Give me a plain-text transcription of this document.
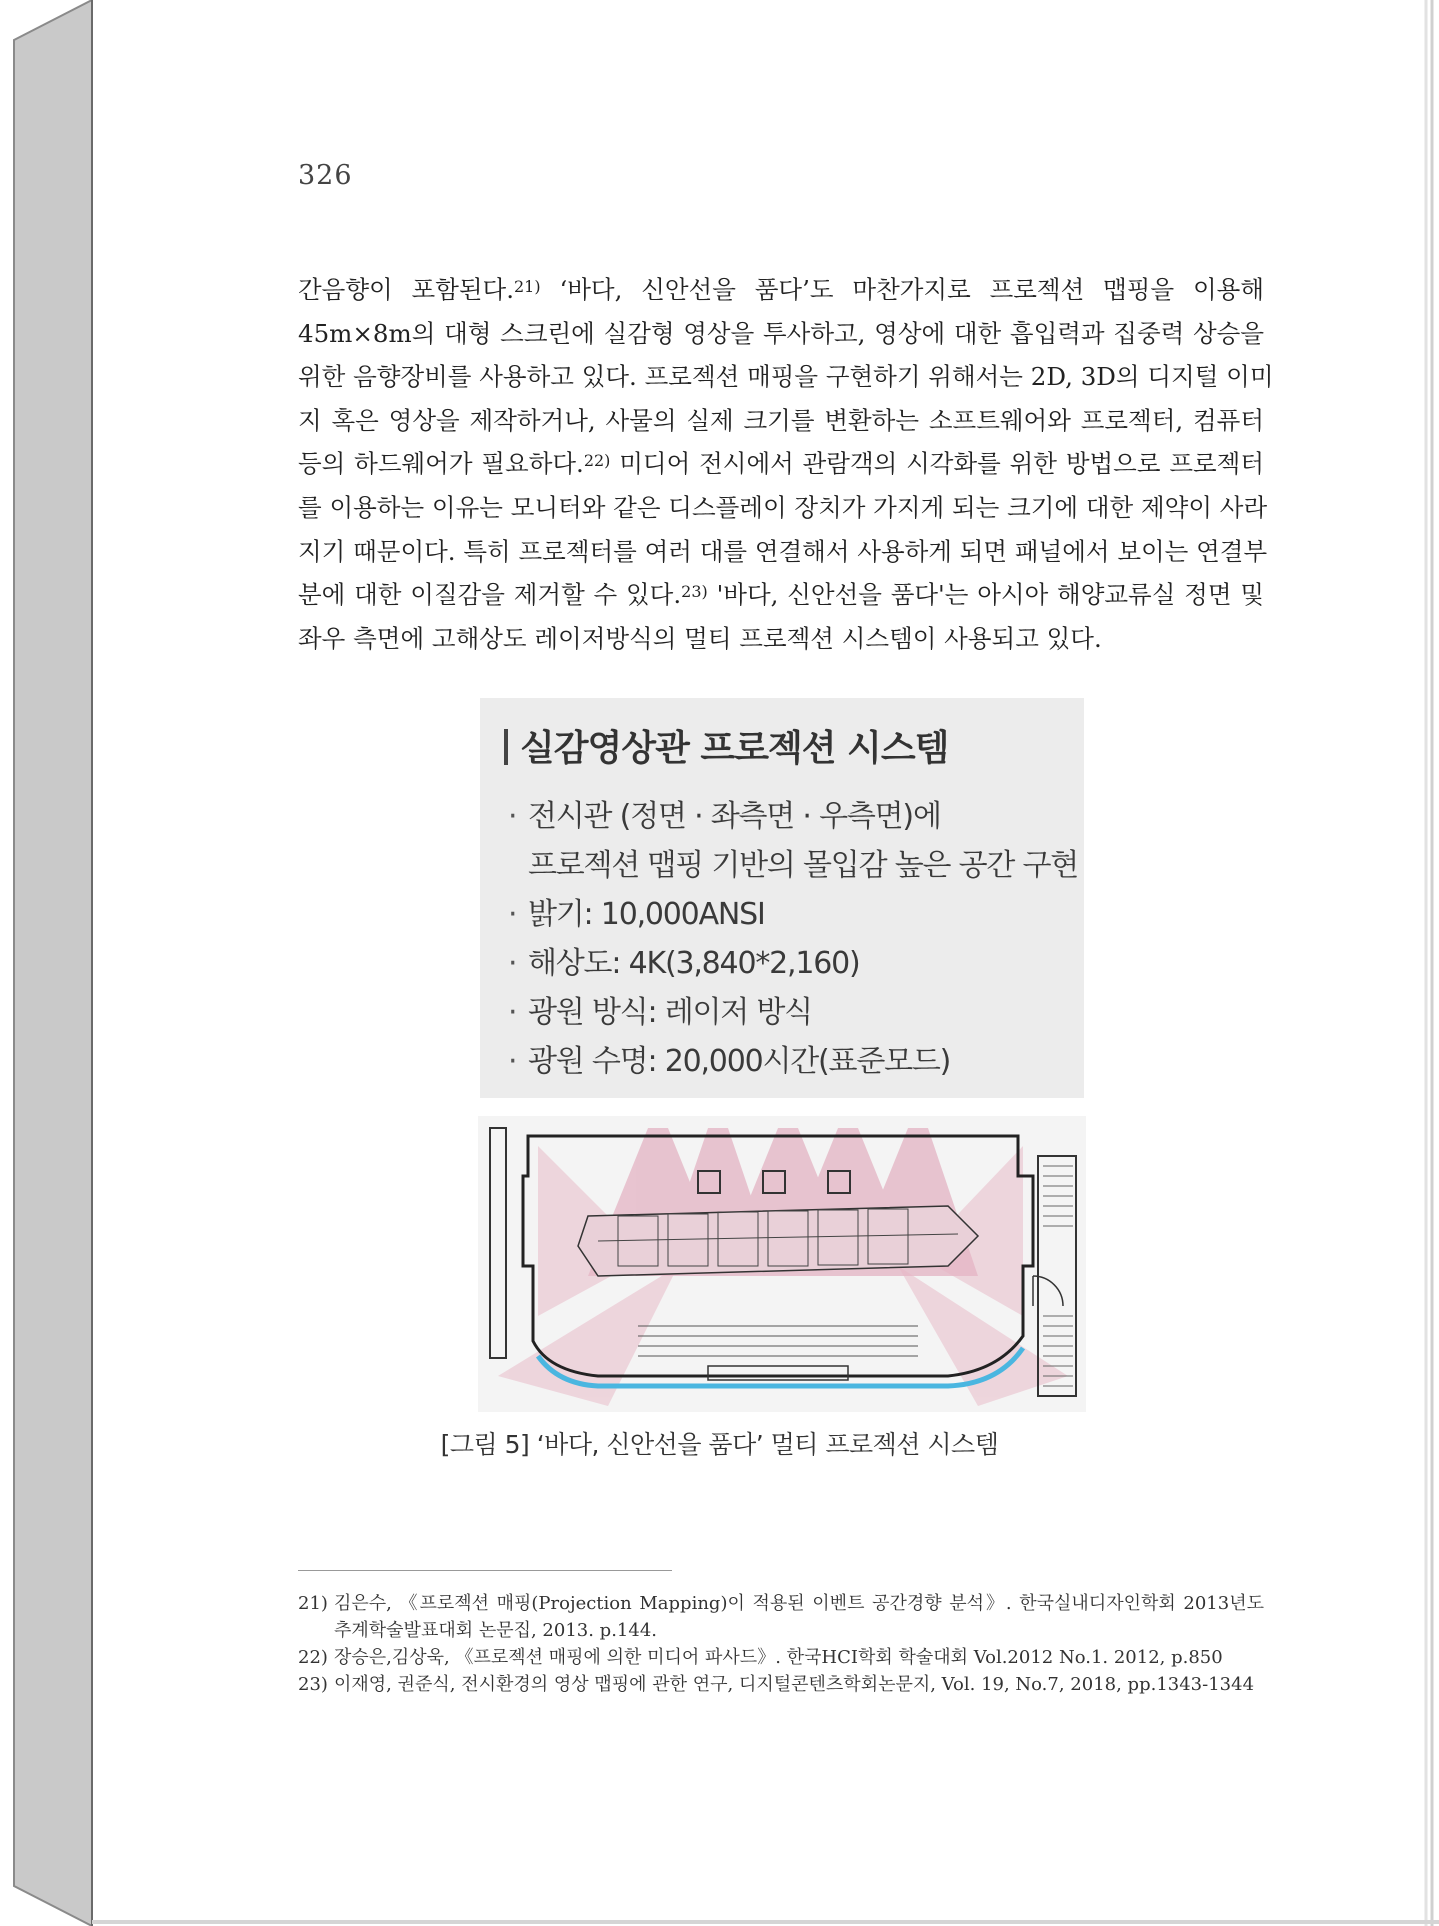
326
간음향이 포함된다.$^{21)}$ ‘바다, 신안선을 품다’도 마찬가지로 프로젝션 맵핑을 이용해
45m×8m의 대형 스크린에 실감형 영상을 투사하고, 영상에 대한 흡입력과 집중력 상승을
위한 음향장비를 사용하고 있다. 프로젝션 매핑을 구현하기 위해서는 2D, 3D의 디지털 이미
지 혹은 영상을 제작하거나, 사물의 실제 크기를 변환하는 소프트웨어와 프로젝터, 컴퓨터
등의 하드웨어가 필요하다.$^{22)}$ 미디어 전시에서 관람객의 시각화를 위한 방법으로 프로젝터
를 이용하는 이유는 모니터와 같은 디스플레이 장치가 가지게 되는 크기에 대한 제약이 사라
지기 때문이다. 특히 프로젝터를 여러 대를 연결해서 사용하게 되면 패널에서 보이는 연결부
분에 대한 이질감을 제거할 수 있다.$^{23)}$ '바다, 신안선을 품다'는 아시아 해양교류실 정면 및
좌우 측면에 고해상도 레이저방식의 멀티 프로젝션 시스템이 사용되고 있다.
실감영상관 프로젝션 시스템
· 전시관 (정면 · 좌측면 · 우측면)에
프로젝션 맵핑 기반의 몰입감 높은 공간 구현
· 밝기: 10,000ANSI
· 해상도: 4K(3,840*2,160)
· 광원 방식: 레이저 방식
· 광원 수명: 20,000시간(표준모드)
[그림 5] ‘바다, 신안선을 품다’ 멀티 프로젝션 시스템
21) 김은수, 《프로젝션 매핑(Projection Mapping)이 적용된 이벤트 공간경향 분석》. 한국실내디자인학회 2013년도 추계학술발표대회 논문집, 2013. p.144.
22) 장승은,김상욱, 《프로젝션 매핑에 의한 미디어 파사드》. 한국HCI학회 학술대회 Vol.2012 No.1. 2012, p.850
23) 이재영, 권준식, 전시환경의 영상 맵핑에 관한 연구, 디지털콘텐츠학회논문지, Vol. 19, No.7, 2018, pp.1343-1344
